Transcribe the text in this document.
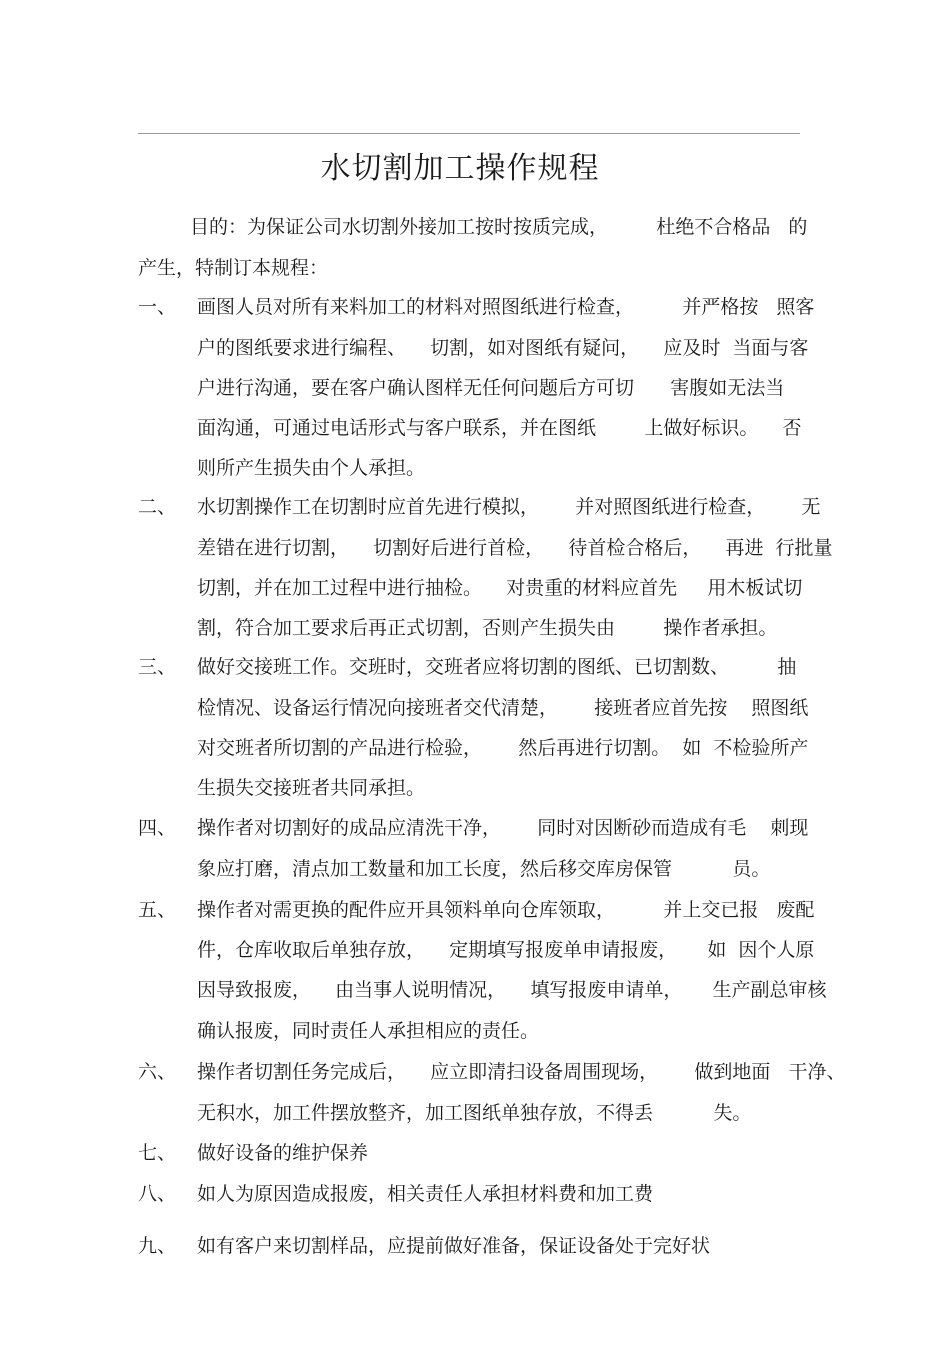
水切割加工操作规程
目的：为保证公司水切割外接加工按时按质完成，        杜绝不合格品   的
产生，特制订本规程：
一、 画图人员对所有来料加工的材料对照图纸进行检查，        并严格按   照客
户的图纸要求进行编程、    切割，如对图纸有疑问，    应及时  当面与客
户进行沟通，要在客户确认图样无任何问题后方可切      害腹如无法当
面沟通，可通过电话形式与客户联系，并在图纸        上做好标识。    否
则所产生损失由个人承担。
二、 水切割操作工在切割时应首先进行模拟，      并对照图纸进行检查，      无
差错在进行切割，    切割好后进行首检，    待首检合格后，    再进  行批量
切割，并在加工过程中进行抽检。    对贵重的材料应首先     用木板试切
割，符合加工要求后再正式切割，否则产生损失由        操作者承担。
三、 做好交接班工作。交班时，交班者应将切割的图纸、已切割数、        抽
检情况、设备运行情况向接班者交代清楚，      接班者应首先按    照图纸
对交班者所切割的产品进行检验，      然后再进行切割。  如  不检验所产
生损失交接班者共同承担。
四、 操作者对切割好的成品应清洗干净，      同时对因断砂而造成有毛    刺现
象应打磨，清点加工数量和加工长度，然后移交库房保管          员。
五、 操作者对需更换的配件应开具领料单向仓库领取，        并上交已报   废配
件，仓库收取后单独存放，    定期填写报废单申请报废，     如  因个人原
因导致报废，    由当事人说明情况，    填写报废申请单，     生产副总审核
确认报废，同时责任人承担相应的责任。
六、 操作者切割任务完成后，    应立即清扫设备周围现场，      做到地面   干净、
无积水，加工件摆放整齐，加工图纸单独存放，不得丢          失。
七、 做好设备的维护保养
八、 如人为原因造成报废，相关责任人承担材料费和加工费
九、 如有客户来切割样品，应提前做好准备，保证设备处于完好状
